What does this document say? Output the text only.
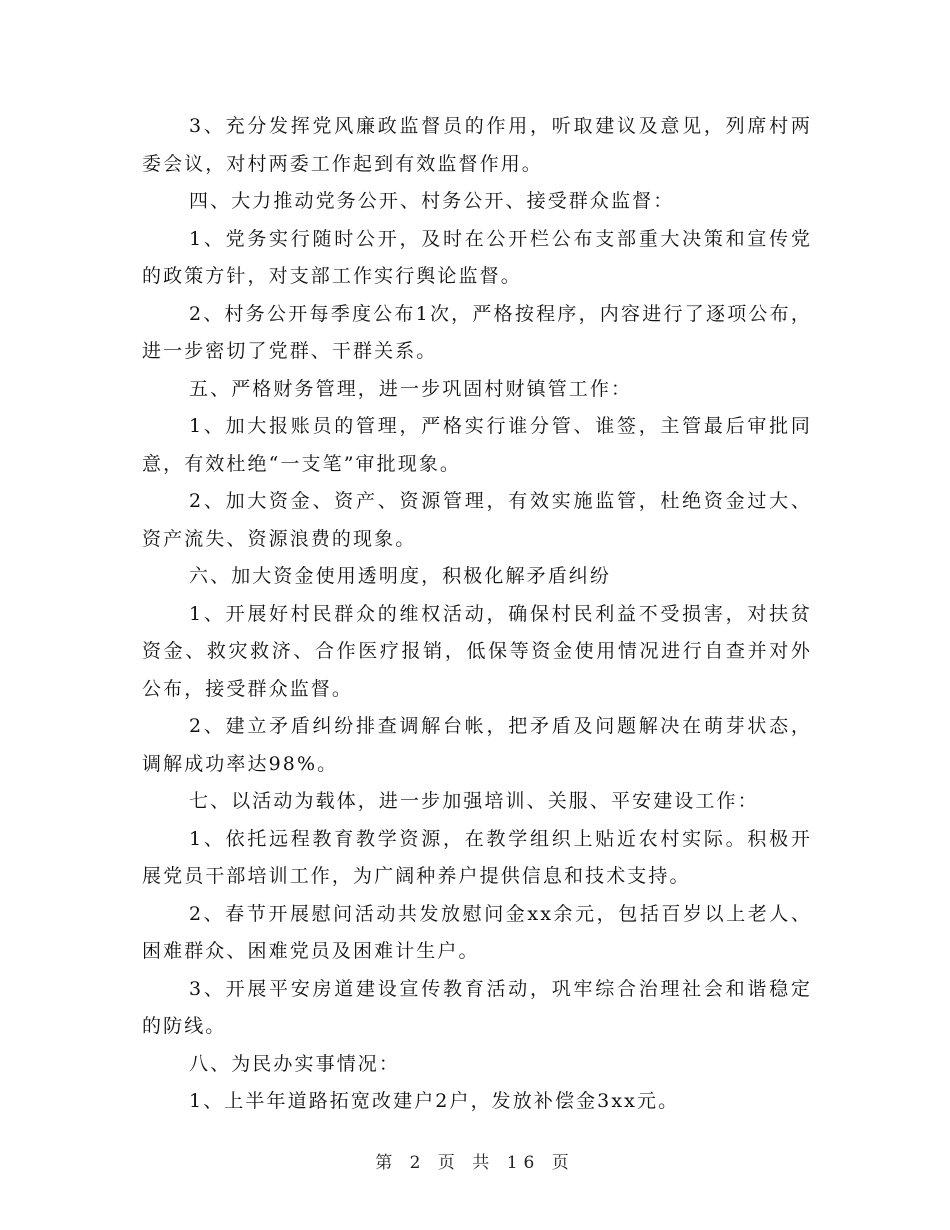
3、充分发挥党风廉政监督员的作用，听取建议及意见，列席村两委会议，对村两委工作起到有效监督作用。

四、大力推动党务公开、村务公开、接受群众监督：

1、党务实行随时公开，及时在公开栏公布支部重大决策和宣传党的政策方针，对支部工作实行舆论监督。

2、村务公开每季度公布1次，严格按程序，内容进行了逐项公布，进一步密切了党群、干群关系。

五、严格财务管理，进一步巩固村财镇管工作：

1、加大报账员的管理，严格实行谁分管、谁签，主管最后审批同意，有效杜绝“一支笔”审批现象。

2、加大资金、资产、资源管理，有效实施监管，杜绝资金过大、资产流失、资源浪费的现象。

六、加大资金使用透明度，积极化解矛盾纠纷

1、开展好村民群众的维权活动，确保村民利益不受损害，对扶贫资金、救灾救济、合作医疗报销，低保等资金使用情况进行自查并对外公布，接受群众监督。

2、建立矛盾纠纷排查调解台帐，把矛盾及问题解决在萌芽状态，调解成功率达98%。

七、以活动为载体，进一步加强培训、关服、平安建设工作：

1、依托远程教育教学资源，在教学组织上贴近农村实际。积极开展党员干部培训工作，为广阔种养户提供信息和技术支持。

2、春节开展慰问活动共发放慰问金xx余元，包括百岁以上老人、困难群众、困难党员及困难计生户。

3、开展平安房道建设宣传教育活动，巩牢综合治理社会和谐稳定的防线。

八、为民办实事情况：

1、上半年道路拓宽改建户2户，发放补偿金3xx元。

第 2 页 共 16 页
